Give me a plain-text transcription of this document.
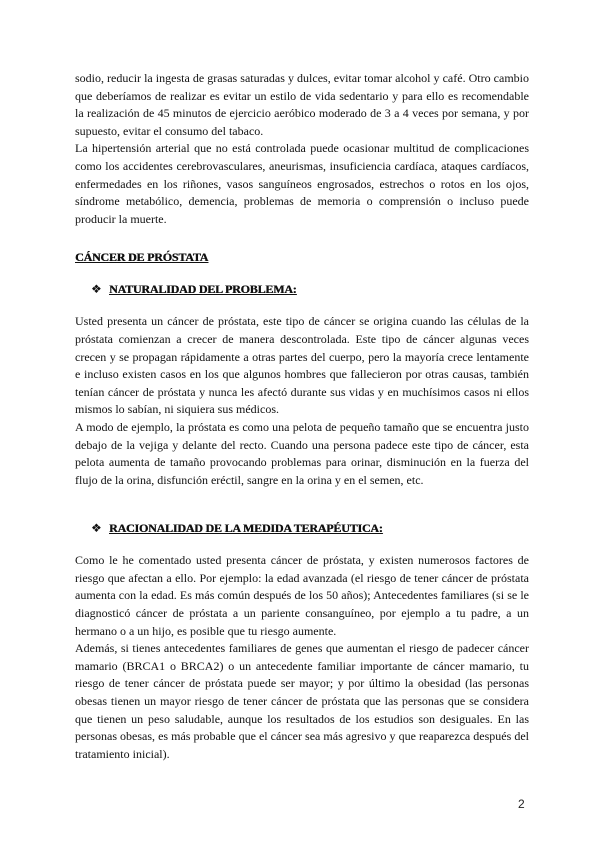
sodio, reducir la ingesta de grasas saturadas y dulces, evitar tomar alcohol y café. Otro cambio que deberíamos de realizar es evitar un estilo de vida sedentario y para ello es recomendable la realización de 45 minutos de ejercicio aeróbico moderado de 3 a 4 veces por semana, y por supuesto, evitar el consumo del tabaco.

La hipertensión arterial que no está controlada puede ocasionar multitud de complicaciones como los accidentes cerebrovasculares, aneurismas, insuficiencia cardíaca, ataques cardíacos, enfermedades en los riñones, vasos sanguíneos engrosados, estrechos o rotos en los ojos, síndrome metabólico, demencia, problemas de memoria o comprensión o incluso puede producir la muerte.

CÁNCER DE PRÓSTATA
❖ NATURALIDAD DEL PROBLEMA:

Usted presenta un cáncer de próstata, este tipo de cáncer se origina cuando las células de la próstata comienzan a crecer de manera descontrolada. Este tipo de cáncer algunas veces crecen y se propagan rápidamente a otras partes del cuerpo, pero la mayoría crece lentamente e incluso existen casos en los que algunos hombres que fallecieron por otras causas, también tenían cáncer de próstata y nunca les afectó durante sus vidas y en muchísimos casos ni ellos mismos lo sabían, ni siquiera sus médicos.

A modo de ejemplo, la próstata es como una pelota de pequeño tamaño que se encuentra justo debajo de la vejiga y delante del recto. Cuando una persona padece este tipo de cáncer, esta pelota aumenta de tamaño provocando problemas para orinar, disminución en la fuerza del flujo de la orina, disfunción eréctil, sangre en la orina y en el semen, etc.

❖ RACIONALIDAD DE LA MEDIDA TERAPÉUTICA:

Como le he comentado usted presenta cáncer de próstata, y existen numerosos factores de riesgo que afectan a ello. Por ejemplo: la edad avanzada (el riesgo de tener cáncer de próstata aumenta con la edad. Es más común después de los 50 años); Antecedentes familiares (si se le diagnosticó cáncer de próstata a un pariente consanguíneo, por ejemplo a tu padre, a un hermano o a un hijo, es posible que tu riesgo aumente.

Además, si tienes antecedentes familiares de genes que aumentan el riesgo de padecer cáncer mamario (BRCA1 o BRCA2) o un antecedente familiar importante de cáncer mamario, tu riesgo de tener cáncer de próstata puede ser mayor; y por último la obesidad (las personas obesas tienen un mayor riesgo de tener cáncer de próstata que las personas que se considera que tienen un peso saludable, aunque los resultados de los estudios son desiguales. En las personas obesas, es más probable que el cáncer sea más agresivo y que reaparezca después del tratamiento inicial).

2
